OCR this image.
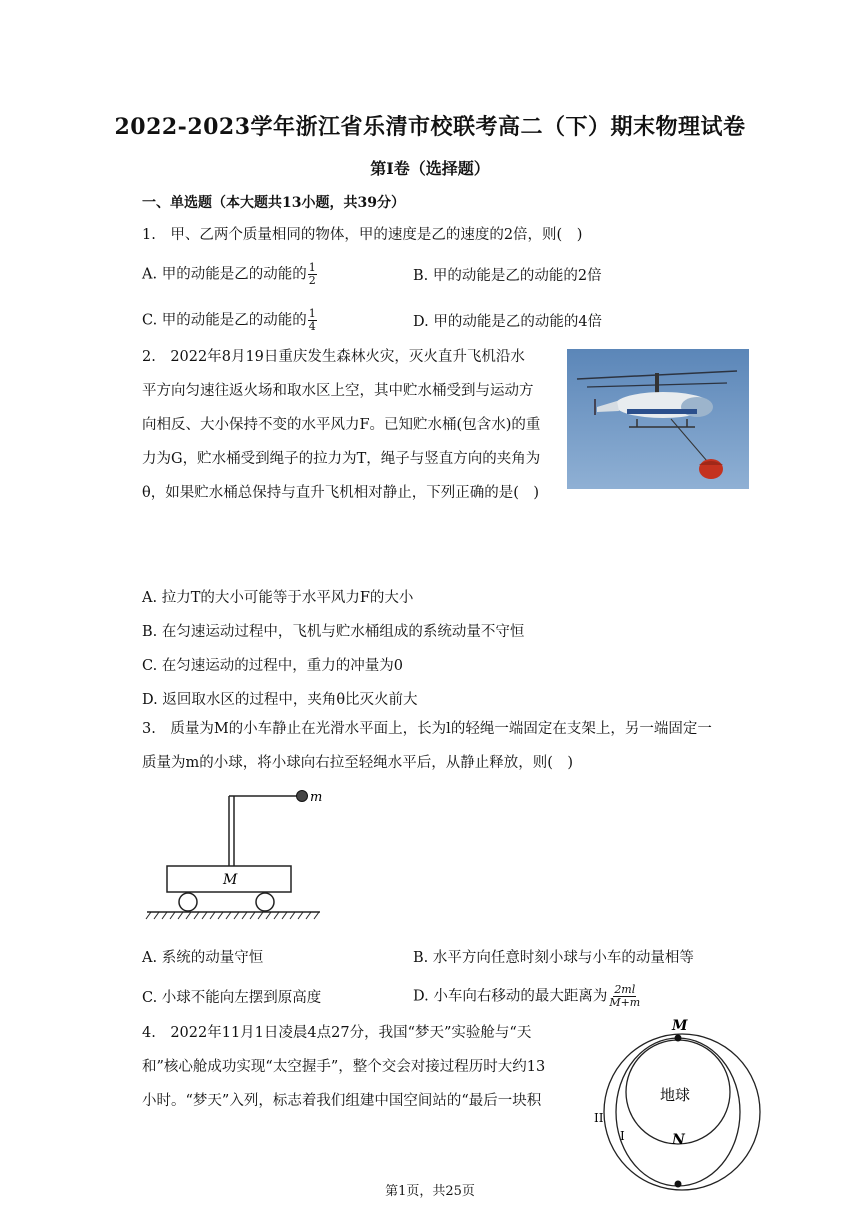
2022-2023学年浙江省乐清市校联考高二（下）期末物理试卷
第I卷（选择题）
一、单选题（本大题共13小题，共39分）
1.　甲、乙两个质量相同的物体，甲的速度是乙的速度的2倍，则(　)
A. 甲的动能是乙的动能的 $\frac{1}{2}$	B. 甲的动能是乙的动能的2倍
C. 甲的动能是乙的动能的 $\frac{1}{4}$	D. 甲的动能是乙的动能的4倍
2.　2022年8月19日重庆发生森林火灾，灭火直升飞机沿水
平方向匀速往返火场和取水区上空，其中贮水桶受到与运动方
向相反、大小保持不变的水平风力F。已知贮水桶(包含水)的重
力为G，贮水桶受到绳子的拉力为T，绳子与竖直方向的夹角为
θ，如果贮水桶总保持与直升飞机相对静止，下列正确的是(　)
A. 拉力T的大小可能等于水平风力F的大小
B. 在匀速运动过程中，飞机与贮水桶组成的系统动量不守恒
C. 在匀速运动的过程中，重力的冲量为0
D. 返回取水区的过程中，夹角θ比灭火前大
3.　质量为M的小车静止在光滑水平面上，长为l的轻绳一端固定在支架上，另一端固定一
质量为m的小球，将小球向右拉至轻绳水平后，从静止释放，则(　)
m
M
A. 系统的动量守恒	B. 水平方向任意时刻小球与小车的动量相等
C. 小球不能向左摆到原高度	D. 小车向右移动的最大距离为 $\frac{2ml}{M+m}$
4.　2022年11月1日凌晨4点27分，我国“梦天”实验舱与“天
和”核心舱成功实现“太空握手”，整个交会对接过程历时大约13
小时。“梦天”入列，标志着我们组建中国空间站的“最后一块积
M
N
地球
I
II
第1页，共25页
